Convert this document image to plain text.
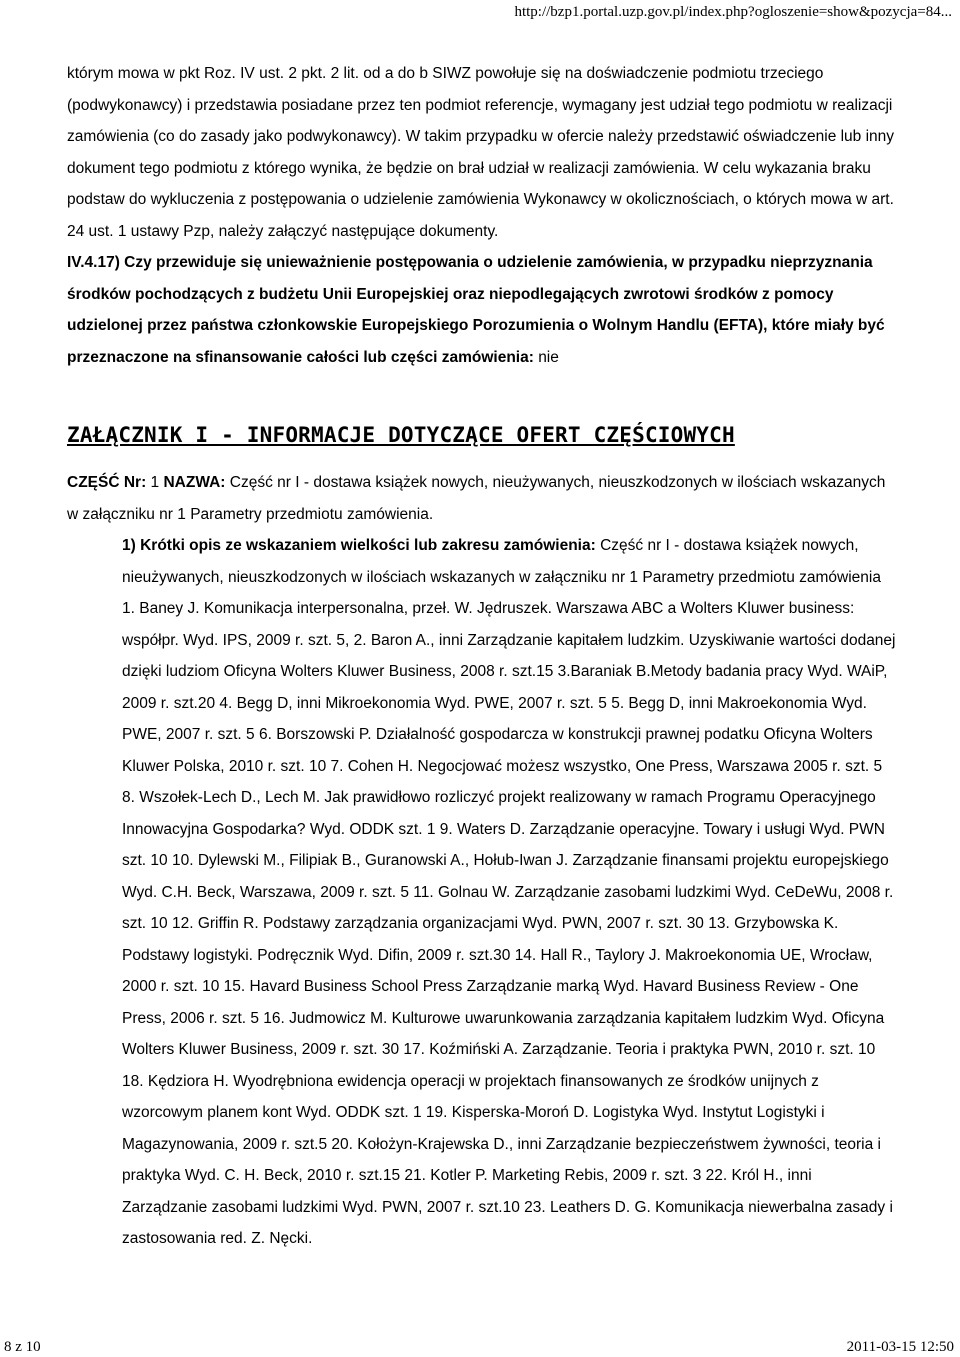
http://bzp1.portal.uzp.gov.pl/index.php?ogloszenie=show&pozycja=84...

którym mowa w pkt Roz. IV ust. 2 pkt. 2 lit. od a do b SIWZ powołuje się na doświadczenie podmiotu trzeciego (podwykonawcy) i przedstawia posiadane przez ten podmiot referencje, wymagany jest udział tego podmiotu w realizacji zamówienia (co do zasady jako podwykonawcy). W takim przypadku w ofercie należy przedstawić oświadczenie lub inny dokument tego podmiotu z którego wynika, że będzie on brał udział w realizacji zamówienia. W celu wykazania braku podstaw do wykluczenia z postępowania o udzielenie zamówienia Wykonawcy w okolicznościach, o których mowa w art. 24 ust. 1 ustawy Pzp, należy załączyć następujące dokumenty.

IV.4.17) Czy przewiduje się unieważnienie postępowania o udzielenie zamówienia, w przypadku nieprzyznania środków pochodzących z budżetu Unii Europejskiej oraz niepodlegających zwrotowi środków z pomocy udzielonej przez państwa członkowskie Europejskiego Porozumienia o Wolnym Handlu (EFTA), które miały być przeznaczone na sfinansowanie całości lub części zamówienia: nie

ZAŁĄCZNIK I - INFORMACJE DOTYCZĄCE OFERT CZĘŚCIOWYCH

CZĘŚĆ Nr: 1 NAZWA: Część nr I - dostawa książek nowych, nieużywanych, nieuszkodzonych w ilościach wskazanych w załączniku nr 1 Parametry przedmiotu zamówienia.

1) Krótki opis ze wskazaniem wielkości lub zakresu zamówienia: Część nr I - dostawa książek nowych, nieużywanych, nieuszkodzonych w ilościach wskazanych w załączniku nr 1 Parametry przedmiotu zamówienia 1. Baney J. Komunikacja interpersonalna, przeł. W. Jędruszek. Warszawa ABC a Wolters Kluwer business: współpr. Wyd. IPS, 2009 r. szt. 5, 2. Baron A., inni Zarządzanie kapitałem ludzkim. Uzyskiwanie wartości dodanej dzięki ludziom Oficyna Wolters Kluwer Business, 2008 r. szt.15 3.Baraniak B.Metody badania pracy Wyd. WAiP, 2009 r. szt.20 4. Begg D, inni Mikroekonomia Wyd. PWE, 2007 r. szt. 5 5. Begg D, inni Makroekonomia Wyd. PWE, 2007 r. szt. 5 6. Borszowski P. Działalność gospodarcza w konstrukcji prawnej podatku Oficyna Wolters Kluwer Polska, 2010 r. szt. 10 7. Cohen H. Negocjować możesz wszystko, One Press, Warszawa 2005 r. szt. 5 8. Wszołek-Lech D., Lech M. Jak prawidłowo rozliczyć projekt realizowany w ramach Programu Operacyjnego Innowacyjna Gospodarka? Wyd. ODDK szt. 1 9. Waters D. Zarządzanie operacyjne. Towary i usługi Wyd. PWN szt. 10 10. Dylewski M., Filipiak B., Guranowski A., Hołub-Iwan J. Zarządzanie finansami projektu europejskiego Wyd. C.H. Beck, Warszawa, 2009 r. szt. 5 11. Golnau W. Zarządzanie zasobami ludzkimi Wyd. CeDeWu, 2008 r. szt. 10 12. Griffin R. Podstawy zarządzania organizacjami Wyd. PWN, 2007 r. szt. 30 13. Grzybowska K. Podstawy logistyki. Podręcznik Wyd. Difin, 2009 r. szt.30 14. Hall R., Taylory J. Makroekonomia UE, Wrocław, 2000 r. szt. 10 15. Havard Business School Press Zarządzanie marką Wyd. Havard Business Review - One Press, 2006 r. szt. 5 16. Judmowicz M. Kulturowe uwarunkowania zarządzania kapitałem ludzkim Wyd. Oficyna Wolters Kluwer Business, 2009 r. szt. 30 17. Koźmiński A. Zarządzanie. Teoria i praktyka PWN, 2010 r. szt. 10 18. Kędziora H. Wyodrębniona ewidencja operacji w projektach finansowanych ze środków unijnych z wzorcowym planem kont Wyd. ODDK szt. 1 19. Kisperska-Moroń D. Logistyka Wyd. Instytut Logistyki i Magazynowania, 2009 r. szt.5 20. Kołożyn-Krajewska D., inni Zarządzanie bezpieczeństwem żywności, teoria i praktyka Wyd. C. H. Beck, 2010 r. szt.15 21. Kotler P. Marketing Rebis, 2009 r. szt. 3 22. Król H., inni Zarządzanie zasobami ludzkimi Wyd. PWN, 2007 r. szt.10 23. Leathers D. G. Komunikacja niewerbalna zasady i zastosowania red. Z. Nęcki.

8 z 10	2011-03-15 12:50
